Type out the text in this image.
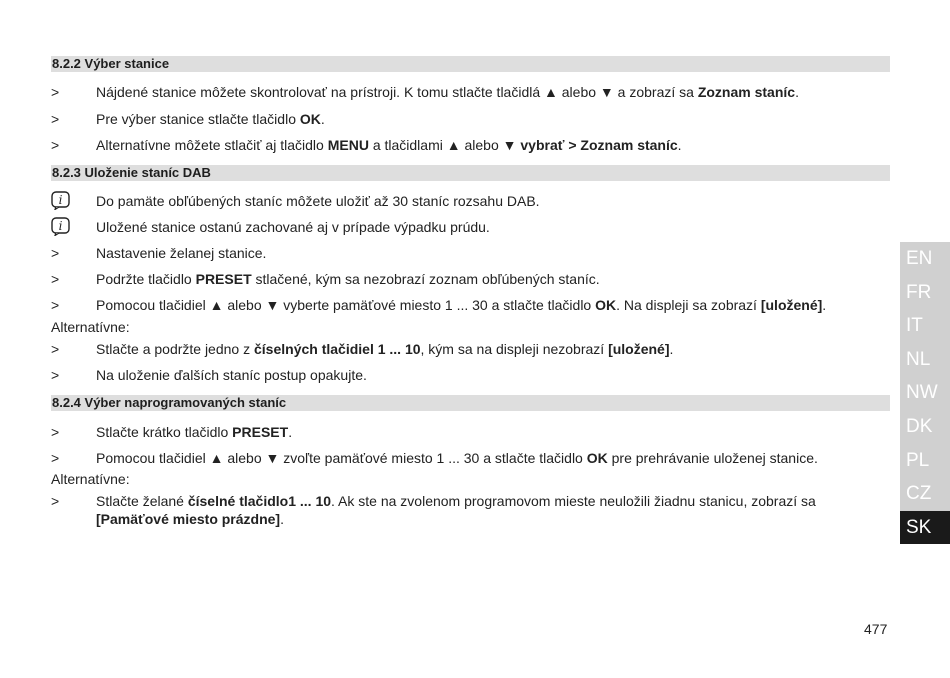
8.2.2 Výber stanice
8.2.3 Uloženie staníc DAB
8.2.4 Výber naprogramovaných staníc
>	Nájdené stanice môžete skontrolovať na prístroji. K tomu stlačte tlačidlá ▲ alebo ▼ a zobrazí sa Zoznam staníc.
>	Pre výber stanice stlačte tlačidlo OK.
>	Alternatívne môžete stlačiť aj tlačidlo MENU a tlačidlami ▲ alebo ▼ vybrať > Zoznam staníc.
i Do pamäte obľúbených staníc môžete uložiť až 30 staníc rozsahu DAB.
i Uložené stanice ostanú zachované aj v prípade výpadku prúdu.
>	Nastavenie želanej stanice.
>	Podržte tlačidlo PRESET stlačené, kým sa nezobrazí zoznam obľúbených staníc.
>	Pomocou tlačidiel ▲ alebo ▼ vyberte pamäťové miesto 1 ... 30 a stlačte tlačidlo OK. Na displeji sa zobrazí [uložené].
Alternatívne:
>	Stlačte a podržte jedno z číselných tlačidiel 1 ... 10, kým sa na displeji nezobrazí [uložené].
>	Na uloženie ďalších staníc postup opakujte.
>	Stlačte krátko tlačidlo PRESET.
>	Pomocou tlačidiel ▲ alebo ▼ zvoľte pamäťové miesto 1 ... 30 a stlačte tlačidlo OK pre prehrávanie uloženej stanice.
Alternatívne:
>	Stlačte želané číselné tlačidlo1 ... 10. Ak ste na zvolenom programovom mieste neuložili žiadnu stanicu, zobrazí sa [Pamäťové miesto prázdne].
EN
FR
IT
NL
NW
DK
PL
CZ
SK
477
